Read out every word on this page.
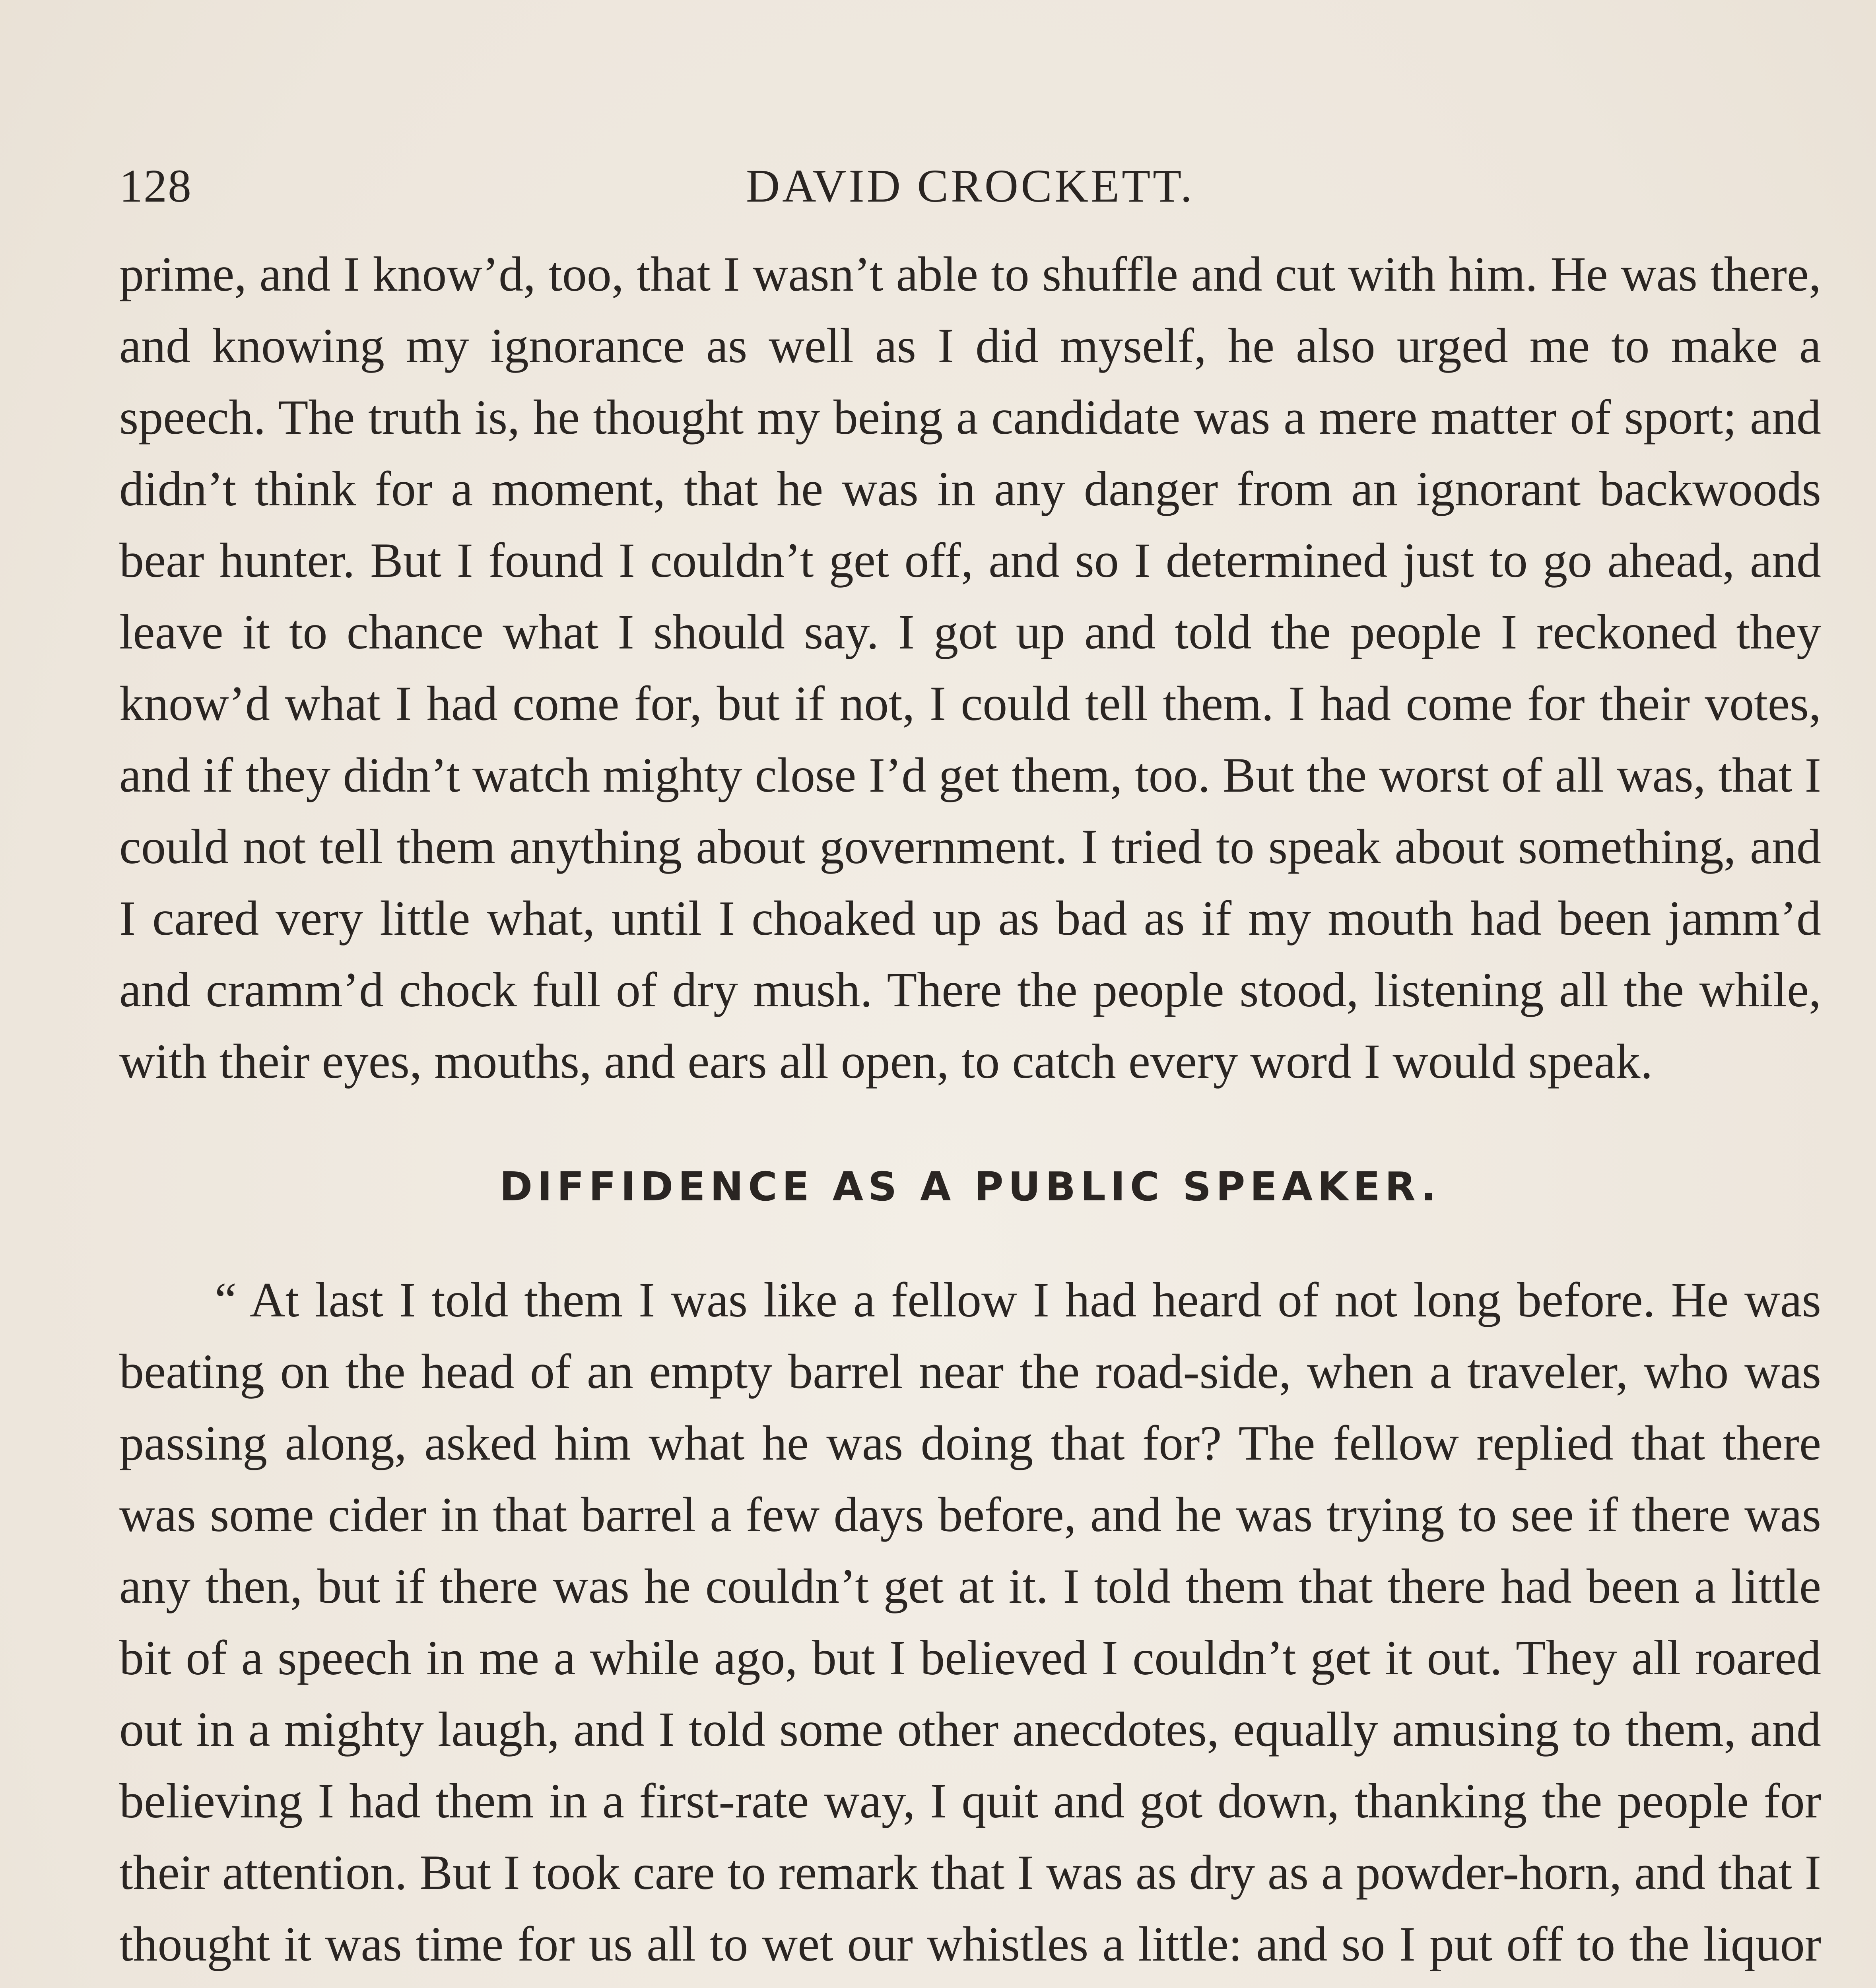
128	DAVID CROCKETT.

prime, and I know’d, too, that I wasn’t able to shuffle and cut with him. He was there, and knowing my ignorance as well as I did myself, he also urged me to make a speech. The truth is, he thought my being a candidate was a mere matter of sport; and didn’t think for a moment, that he was in any danger from an ignorant backwoods bear hunter. But I found I couldn’t get off, and so I determined just to go ahead, and leave it to chance what I should say. I got up and told the people I reckoned they know’d what I had come for, but if not, I could tell them. I had come for their votes, and if they didn’t watch mighty close I’d get them, too. But the worst of all was, that I could not tell them anything about government. I tried to speak about something, and I cared very little what, until I choaked up as bad as if my mouth had been jamm’d and cramm’d chock full of dry mush. There the people stood, listening all the while, with their eyes, mouths, and ears all open, to catch every word I would speak.

DIFFIDENCE AS A PUBLIC SPEAKER.

“ At last I told them I was like a fellow I had heard of not long before. He was beating on the head of an empty barrel near the road-side, when a traveler, who was passing along, asked him what he was doing that for? The fellow replied that there was some cider in that barrel a few days before, and he was trying to see if there was any then, but if there was he couldn’t get at it. I told them that there had been a little bit of a speech in me a while ago, but I believed I couldn’t get it out. They all roared out in a mighty laugh, and I told some other anecdotes, equally amusing to them, and believing I had them in a first-rate way, I quit and got down, thanking the people for their attention. But I took care to remark that I was as dry as a powder-horn, and that I thought it was time for us all to wet our whistles a little: and so I put off to the liquor
